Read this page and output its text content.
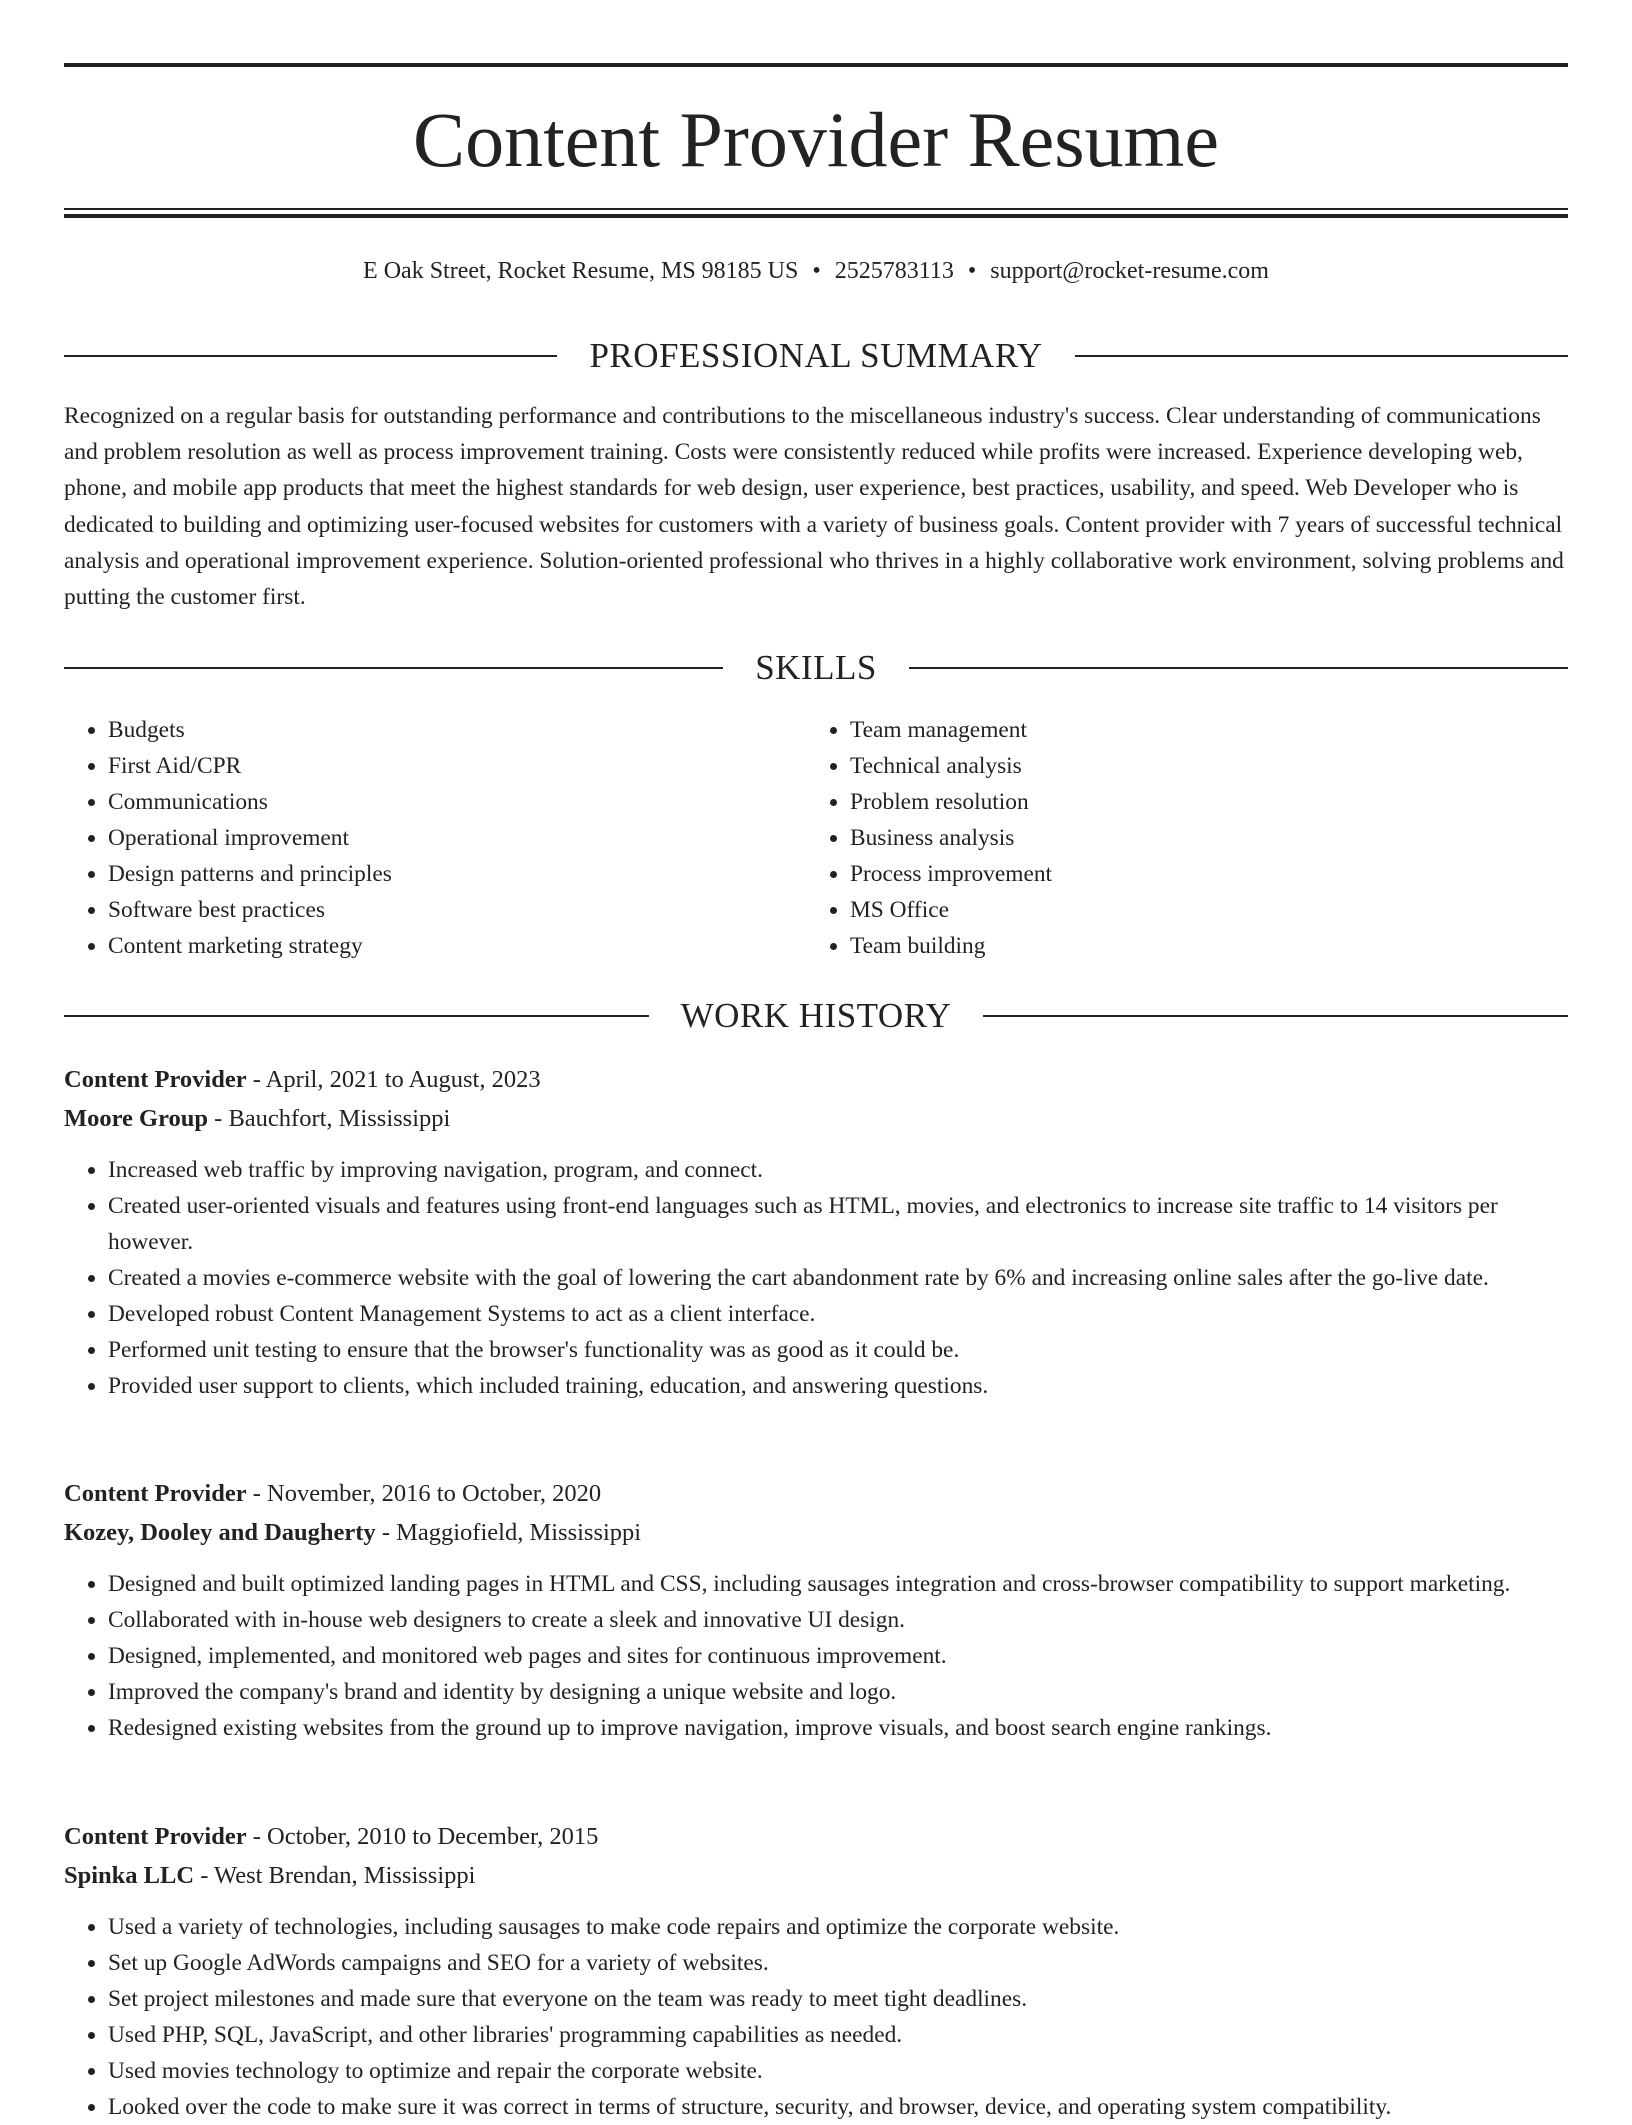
Content Provider Resume
E Oak Street, Rocket Resume, MS 98185 US • 2525783113 • support@rocket-resume.com
PROFESSIONAL SUMMARY

Recognized on a regular basis for outstanding performance and contributions to the miscellaneous industry's success. Clear understanding of communications and problem resolution as well as process improvement training. Costs were consistently reduced while profits were increased. Experience developing web, phone, and mobile app products that meet the highest standards for web design, user experience, best practices, usability, and speed. Web Developer who is dedicated to building and optimizing user-focused websites for customers with a variety of business goals. Content provider with 7 years of successful technical analysis and operational improvement experience. Solution-oriented professional who thrives in a highly collaborative work environment, solving problems and putting the customer first.

SKILLS
• Budgets
• First Aid/CPR
• Communications
• Operational improvement
• Design patterns and principles
• Software best practices
• Content marketing strategy
• Team management
• Technical analysis
• Problem resolution
• Business analysis
• Process improvement
• MS Office
• Team building
WORK HISTORY
Content Provider - April, 2021 to August, 2023
Moore Group - Bauchfort, Mississippi
• Increased web traffic by improving navigation, program, and connect.
• Created user-oriented visuals and features using front-end languages such as HTML, movies, and electronics to increase site traffic to 14 visitors per however.
• Created a movies e-commerce website with the goal of lowering the cart abandonment rate by 6% and increasing online sales after the go-live date.
• Developed robust Content Management Systems to act as a client interface.
• Performed unit testing to ensure that the browser's functionality was as good as it could be.
• Provided user support to clients, which included training, education, and answering questions.
Content Provider - November, 2016 to October, 2020
Kozey, Dooley and Daugherty - Maggiofield, Mississippi
• Designed and built optimized landing pages in HTML and CSS, including sausages integration and cross-browser compatibility to support marketing.
• Collaborated with in-house web designers to create a sleek and innovative UI design.
• Designed, implemented, and monitored web pages and sites for continuous improvement.
• Improved the company's brand and identity by designing a unique website and logo.
• Redesigned existing websites from the ground up to improve navigation, improve visuals, and boost search engine rankings.
Content Provider - October, 2010 to December, 2015
Spinka LLC - West Brendan, Mississippi
• Used a variety of technologies, including sausages to make code repairs and optimize the corporate website.
• Set up Google AdWords campaigns and SEO for a variety of websites.
• Set project milestones and made sure that everyone on the team was ready to meet tight deadlines.
• Used PHP, SQL, JavaScript, and other libraries' programming capabilities as needed.
• Used movies technology to optimize and repair the corporate website.
• Looked over the code to make sure it was correct in terms of structure, security, and browser, device, and operating system compatibility.
